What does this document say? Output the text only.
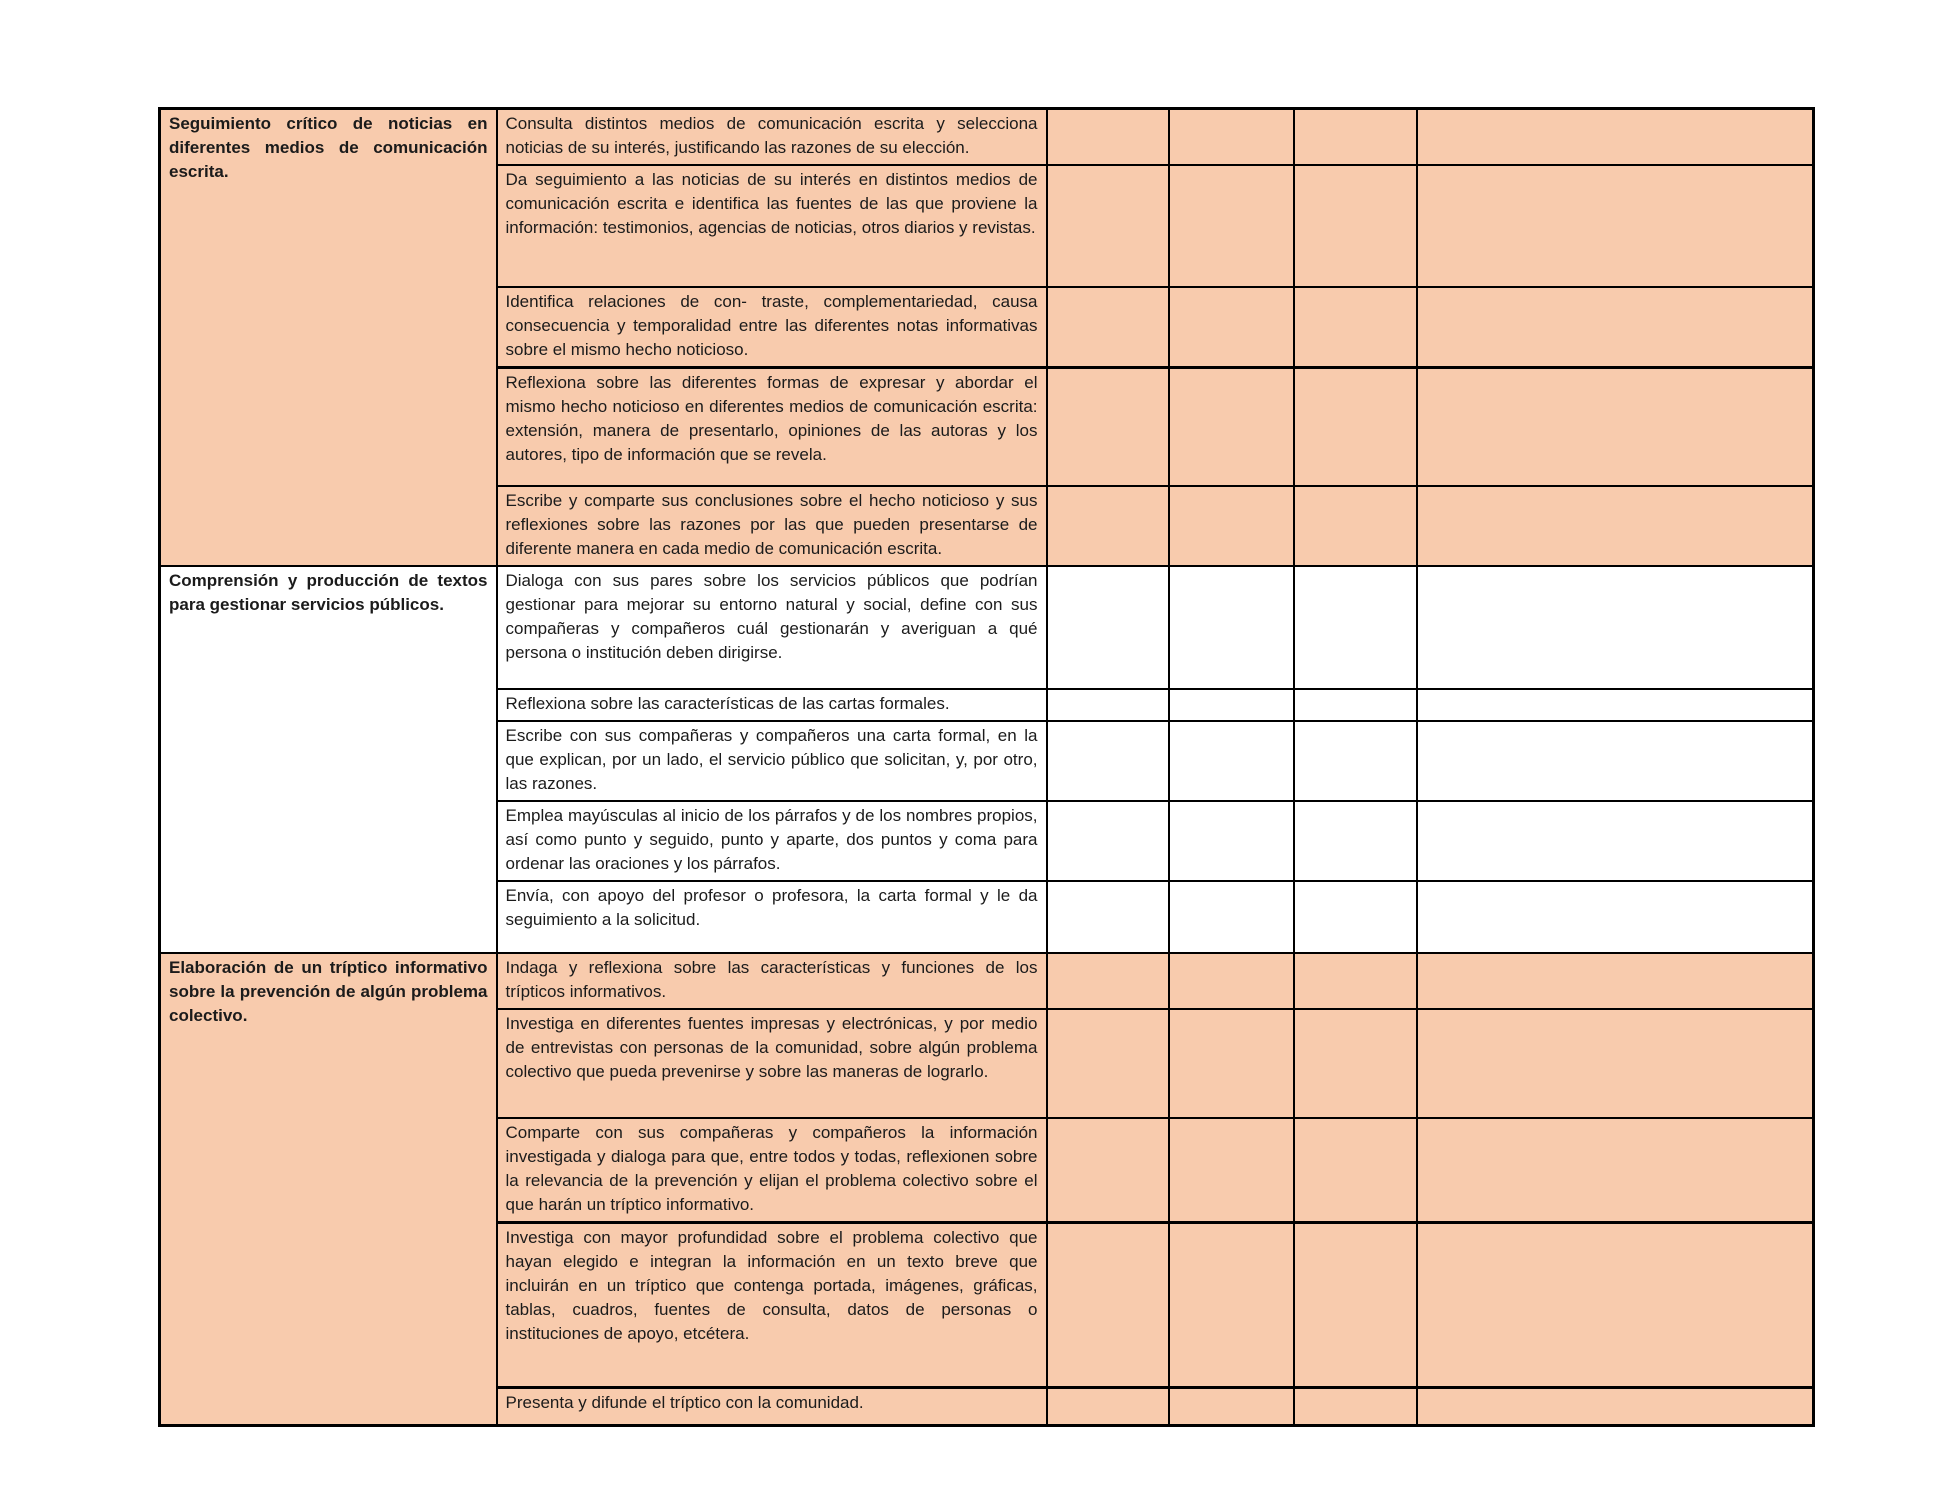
Seguimiento crítico de noticias en diferentes medios de comunicación escrita.	Consulta distintos medios de comunicación escrita y selecciona noticias de su interés, justificando las razones de su elección.				
	Da seguimiento a las noticias de su interés en distintos medios de comunicación escrita e identifica las fuentes de las que proviene la información: testimonios, agencias de noticias, otros diarios y revistas.				
	Identifica relaciones de con- traste, complementariedad, causa consecuencia y temporalidad entre las diferentes notas informativas sobre el mismo hecho noticioso.				
	Reflexiona sobre las diferentes formas de expresar y abordar el mismo hecho noticioso en diferentes medios de comunicación escrita: extensión, manera de presentarlo, opiniones de las autoras y los autores, tipo de información que se revela.				
	Escribe y comparte sus conclusiones sobre el hecho noticioso y sus reflexiones sobre las razones por las que pueden presentarse de diferente manera en cada medio de comunicación escrita.				
Comprensión y producción de textos para gestionar servicios públicos.	Dialoga con sus pares sobre los servicios públicos que podrían gestionar para mejorar su entorno natural y social, define con sus compañeras y compañeros cuál gestionarán y averiguan a qué persona o institución deben dirigirse.				
	Reflexiona sobre las características de las cartas formales.				
	Escribe con sus compañeras y compañeros una carta formal, en la que explican, por un lado, el servicio público que solicitan, y, por otro, las razones.				
	Emplea mayúsculas al inicio de los párrafos y de los nombres propios, así como punto y seguido, punto y aparte, dos puntos y coma para ordenar las oraciones y los párrafos.				
	Envía, con apoyo del profesor o profesora, la carta formal y le da seguimiento a la solicitud.				
Elaboración de un tríptico informativo sobre la prevención de algún problema colectivo.	Indaga y reflexiona sobre las características y funciones de los trípticos informativos.				
	Investiga en diferentes fuentes impresas y electrónicas, y por medio de entrevistas con personas de la comunidad, sobre algún problema colectivo que pueda prevenirse y sobre las maneras de lograrlo.				
	Comparte con sus compañeras y compañeros la información investigada y dialoga para que, entre todos y todas, reflexionen sobre la relevancia de la prevención y elijan el problema colectivo sobre el que harán un tríptico informativo.				
	Investiga con mayor profundidad sobre el problema colectivo que hayan elegido e integran la información en un texto breve que incluirán en un tríptico que contenga portada, imágenes, gráficas, tablas, cuadros, fuentes de consulta, datos de personas o instituciones de apoyo, etcétera.				
	Presenta y difunde el tríptico con la comunidad.				
